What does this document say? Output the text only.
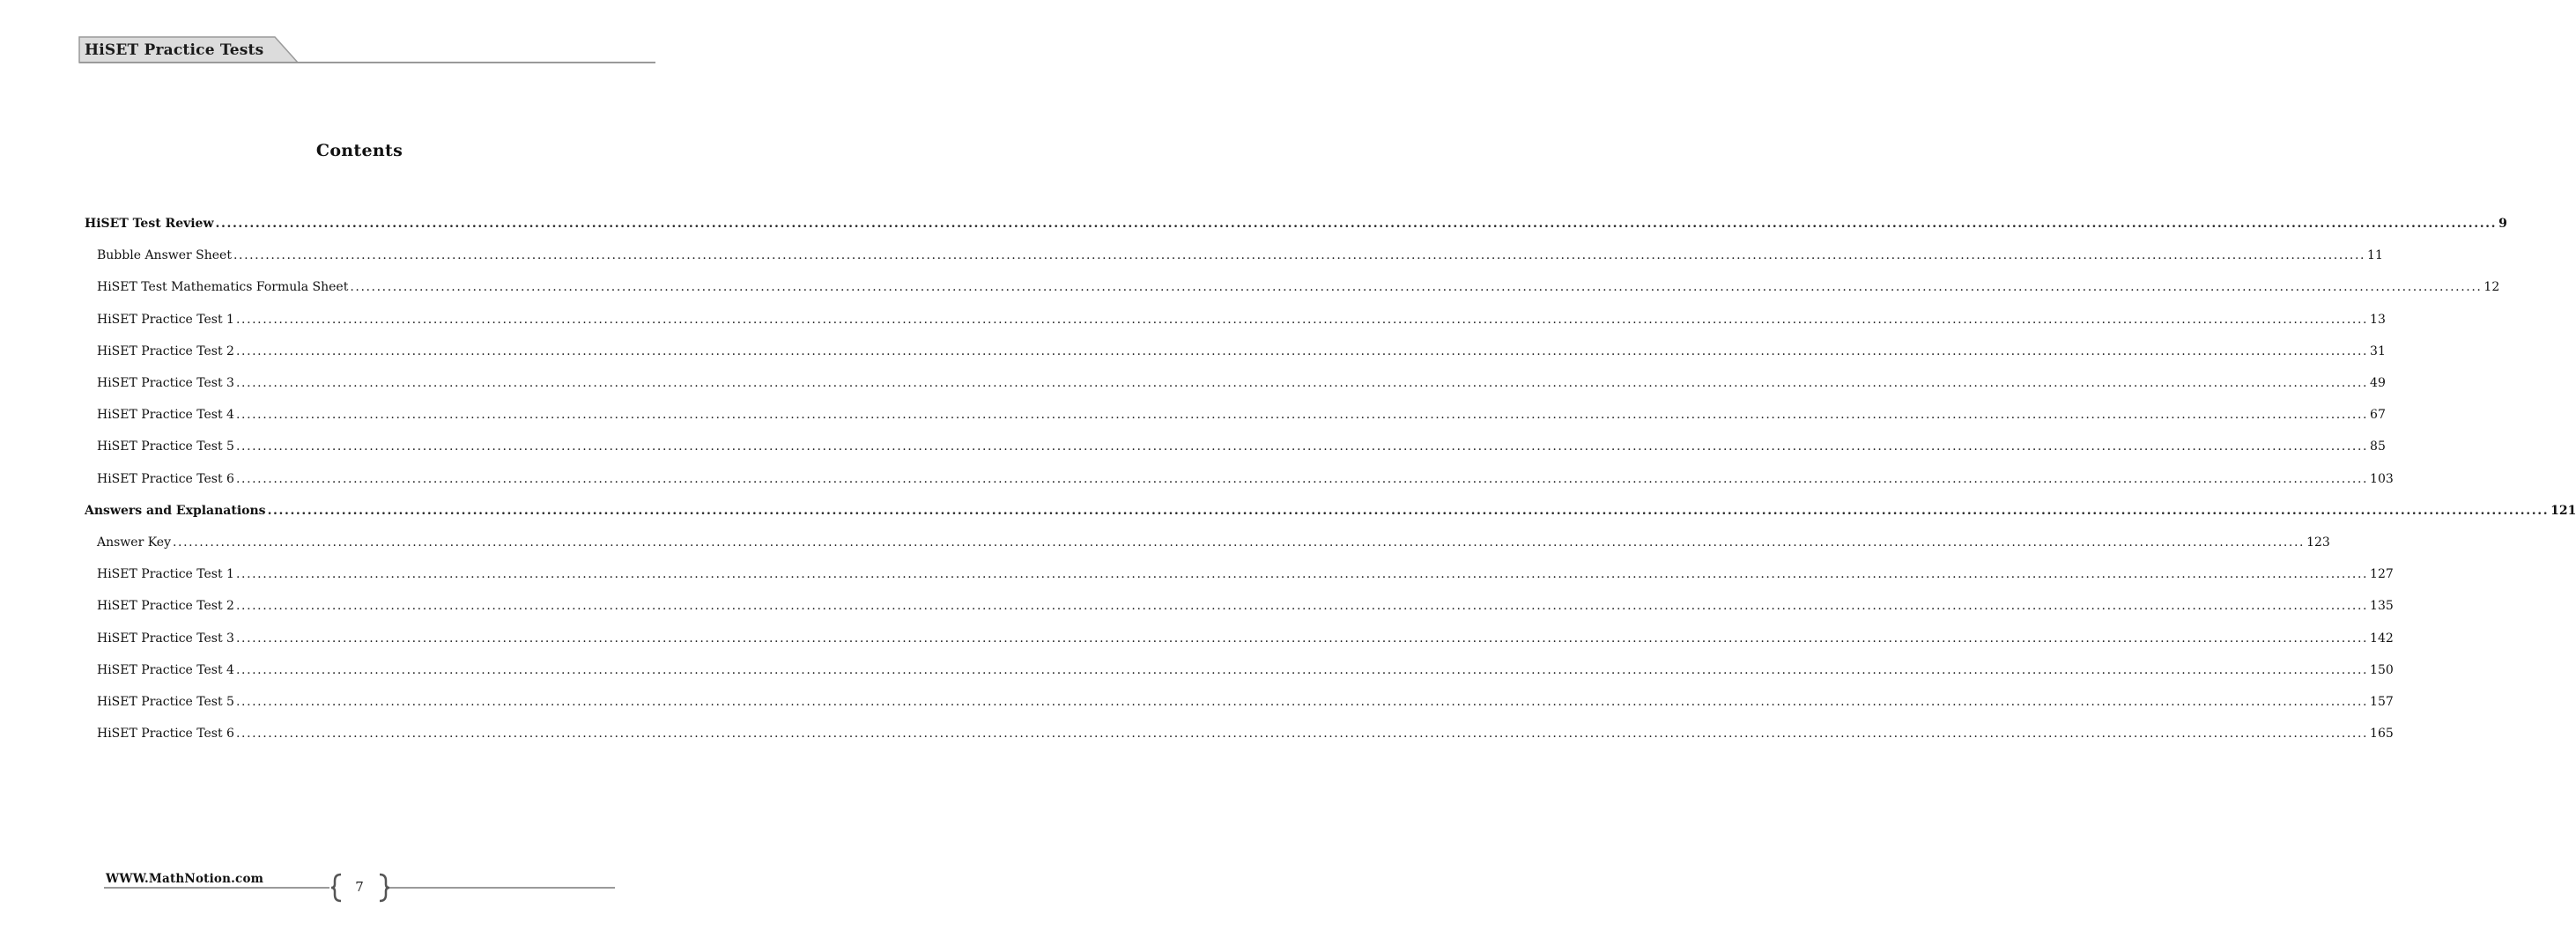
HiSET Practice Tests
Contents
HiSET Test Review ................................................................................................................................................................................................................................................................................................................................................................................................................ 9
Bubble Answer Sheet ................................................................................................................................................................................................................................................................................................................................................................................................................ 11
HiSET Test Mathematics Formula Sheet ................................................................................................................................................................................................................................................................................................................................................................................................................ 12
HiSET Practice Test 1 ................................................................................................................................................................................................................................................................................................................................................................................................................ 13
HiSET Practice Test 2 ................................................................................................................................................................................................................................................................................................................................................................................................................ 31
HiSET Practice Test 3 ................................................................................................................................................................................................................................................................................................................................................................................................................ 49
HiSET Practice Test 4 ................................................................................................................................................................................................................................................................................................................................................................................................................ 67
HiSET Practice Test 5 ................................................................................................................................................................................................................................................................................................................................................................................................................ 85
HiSET Practice Test 6 ................................................................................................................................................................................................................................................................................................................................................................................................................ 103
Answers and Explanations ................................................................................................................................................................................................................................................................................................................................................................................................................ 121
Answer Key ................................................................................................................................................................................................................................................................................................................................................................................................................ 123
HiSET Practice Test 1 ................................................................................................................................................................................................................................................................................................................................................................................................................ 127
HiSET Practice Test 2 ................................................................................................................................................................................................................................................................................................................................................................................................................ 135
HiSET Practice Test 3 ................................................................................................................................................................................................................................................................................................................................................................................................................ 142
HiSET Practice Test 4 ................................................................................................................................................................................................................................................................................................................................................................................................................ 150
HiSET Practice Test 5 ................................................................................................................................................................................................................................................................................................................................................................................................................ 157
HiSET Practice Test 6 ................................................................................................................................................................................................................................................................................................................................................................................................................ 165
WWW.MathNotion.com	7
